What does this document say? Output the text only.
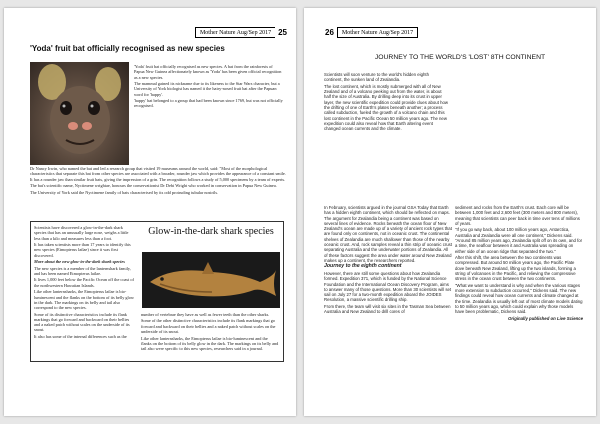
Mother Nature Aug/Sep 2017 25
'Yoda' fruit bat officially recognised as new species

'Yoda' fruit bat officially recognised as new species. A bat from the rainforests of Papua New Guinea affectionately known as 'Yoda' has been given official recognition as a new species.

The mammal gained its nickname due to its likeness to the Star Wars character, but a University of York biologist has named it the hairy-nosed fruit bat after the Papuan word for 'happy'.

'happy' bat belonged to a group that had been known since 1769, but was not officially recognised.

Dr Nancy Irwin, who named the bat and led a research group that visited 19 museums around the world, said: "Most of the morphological characteristics that separate this bat from other species are associated with a broader, rounder jaw which provides the appearance of a constant smile. It has a rounder jaw than similar fruit bats, giving the impression of a grin. The recognition follows a study of 5,000 specimens by a team of experts.

The bat's scientific name, Nyctimene wrightae, honours the conservationist Dr Debi Wright who worked in conservation in Papua New Guinea.

The University of York said the Nyctimene family of bats characterised by its odd protruding tubular nostrils.

Scientists have discovered a glow-in-the-dark shark species that has an unusually large nose, weighs a little less than a kilo and measures less than a foot.

It has taken scientists more than 17 years to identify this new species (Etmopterus lailae) since it was first discovered.

More about the new glow-in-the-dark shark species

The new species is a member of the lanternshark family, and has been named Etmopterus lailae.

It lives 1,000 feet below the Pacific Ocean off the coast of the northwestern Hawaiian Islands.

Like other lanternsharks, the Etmopterus lailae is bio-luminescent and the flanks on the bottom of its belly glow in the dark. The markings on its belly and tail also correspond to the new species.

Some of its distinctive characteristics include its flank markings that go forward and backward on their bellies and a naked patch without scales on the underside of its snout.

It also has some of the internal differences such as the

Glow-in-the-dark shark species

number of vertebrae they have as well as fewer teeth than the other sharks.

Some of the other distinctive characteristics include its flank markings that go forward and backward on their bellies and a naked patch without scales on the underside of its snout.

Like other lanternsharks, the Etmopterus lailae is bio-luminescent and the flanks on the bottom of its belly glow in the dark. The markings on its belly and tail also were specific to this new species, researchers said in a journal.

26	Mother Nature Aug/Sep 2017
JOURNEY TO THE WORLD'S 'LOST' 8TH CONTINENT

Scientists will soon venture to the world's hidden eighth continent, the sunken land of Zealandia.

The lost continent, which is mostly submerged with all of New Zealand and of a volcano peeking out from the water, is about half the size of Australia. By drilling deep into its crust in upper layer, the new scientific expedition could provide clues about how the drifting of one of Earth's plates beneath another; a process called subduction, fueled the growth of a volcano chain and this lost continent in the Pacific Ocean 50 million years ago. The new expedition could also reveal how that Earth altering event changed ocean currents and the climate.

In February, scientists argued in the journal GSA Today that Earth has a hidden eighth continent, which should be reflected on maps. The argument for Zealandia being a continent was based on several lines of evidence. Rocks beneath the ocean floor of New Zealand's ocean are made up of a variety of ancient rock types that are found only on continents, not in oceanic crust. The continental shelves of Zealandia are much shallower than those of the nearby oceanic crust. And, rock samples reveal a thin strip of oceanic crust separating Australia and the underwater portions of Zealandia. All of these factors suggest the area under water around New Zealand makes up a continent, the researchers reported.

Journey to the eighth continent

However, there are still some questions about how Zealandia formed. Expedition 371, which is funded by the National Science Foundation and the International Ocean Discovery Program, aims to answer many of those questions. More than 30 scientists will set sail on July 27 for a two-month expedition aboard the JOIDES Resolution, a massive scientific drilling ship.

From there, the team will visit six sites in the Tasman Sea between Australia and New Zealand to drill cores of

sediment and rocks from the Earth's crust. Each core will be between 1,000 feet and 2,600 feet (300 meters and 800 meters), meaning that scientists can peer back in time over tens of millions of years.

"If you go way back, about 100 million years ago, Antarctica, Australia and Zealandia were all one continent," Dickens said. "Around 85 million years ago, Zealandia split off on its own, and for a time, the seafloor between it and Australia was spreading on either side of an ocean ridge that separated the two."

After this shift, the area between the two continents was compressed. But around 50 million years ago, the Pacific Plate dove beneath New Zealand, lifting up the two islands, forming a string of volcanoes in the Pacific, and relieving the compressive stress in the ocean crust between the two continents.

"What we want to understand is why and when the various stages more extension to subduction occurred," Dickens said. The new findings could reveal how ocean currents and climate changed at the time. Zealandia is usually left out of most climate models dating to 50 million years ago, which could explain why those models have been problematic, Dickens said.

Originally published on Live Science
